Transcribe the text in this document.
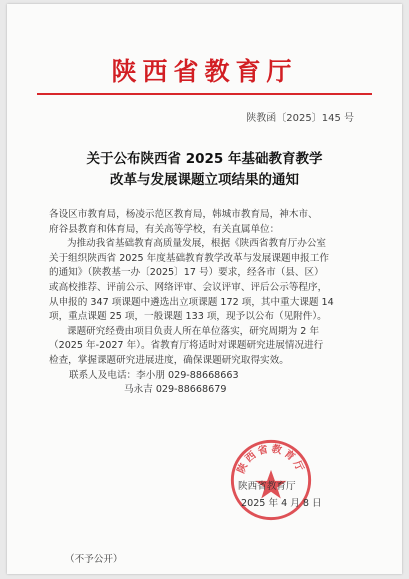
陕西省教育厅
陕教函〔2025〕145 号
关于公布陕西省 2025 年基础教育教学
改革与发展课题立项结果的通知
各设区市教育局，杨凌示范区教育局，韩城市教育局，神木市、
府谷县教育和体育局，有关高等学校，有关直属单位：
为推动我省基础教育高质量发展，根据《陕西省教育厅办公室
关于组织陕西省 2025 年度基础教育教学改革与发展课题申报工作
的通知》（陕教基一办〔2025〕17 号）要求，经各市（县、区）
或高校推荐、评前公示、网络评审、会议评审、评后公示等程序，
从申报的 347 项课题中遴选出立项课题 172 项，其中重大课题 14
项，重点课题 25 项，一般课题 133 项，现予以公布（见附件）。
课题研究经费由项目负责人所在单位落实，研究周期为 2 年
（2025 年-2027 年）。省教育厅将适时对课题研究进展情况进行
检查，掌握课题研究进展进度，确保课题研究取得实效。
联系人及电话：李小朋 029-88668663
马永吉 029-88668679
陕西省教育厅
陕西省教育厅
2025 年 4 月 8 日
（不予公开）
